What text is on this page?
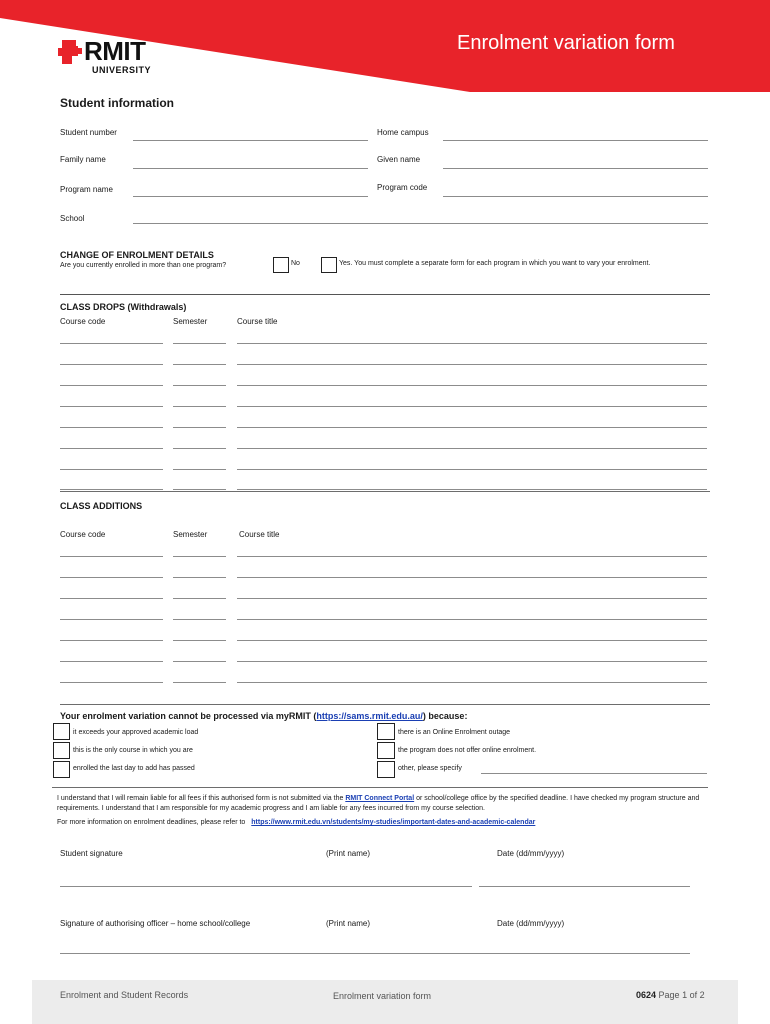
Enrolment variation form
RMIT
UNIVERSITY
Student information
Student number	Home campus
Family name	Given name
Program name	Program code
School
CHANGE OF ENROLMENT DETAILS
Are you currently enrolled in more than one program?	No	Yes. You must complete a separate form for each program in which you want to vary your enrolment.
CLASS DROPS (Withdrawals)
Course code	Semester	Course title
CLASS ADDITIONS
Course code	Semester	Course title
Your enrolment variation cannot be processed via myRMIT (https://sams.rmit.edu.au/) because:
it exceeds your approved academic load
this is the only course in which you are
enrolled the last day to add has passed
there is an Online Enrolment outage
the program does not offer online enrolment.
other, please specify
I understand that I will remain liable for all fees if this authorised form is not submitted via the RMIT Connect Portal or school/college office by the specified deadline. I have checked my program structure and requirements. I understand that I am responsible for my academic progress and I am liable for any fees incurred from my course selection.
For more information on enrolment deadlines, please refer to https://www.rmit.edu.vn/students/my-studies/important-dates-and-academic-calendar
Student signature	(Print name)	Date (dd/mm/yyyy)
Signature of authorising officer – home school/college	(Print name)	Date (dd/mm/yyyy)
Enrolment and Student Records	Enrolment variation form	0624 Page 1 of 2
